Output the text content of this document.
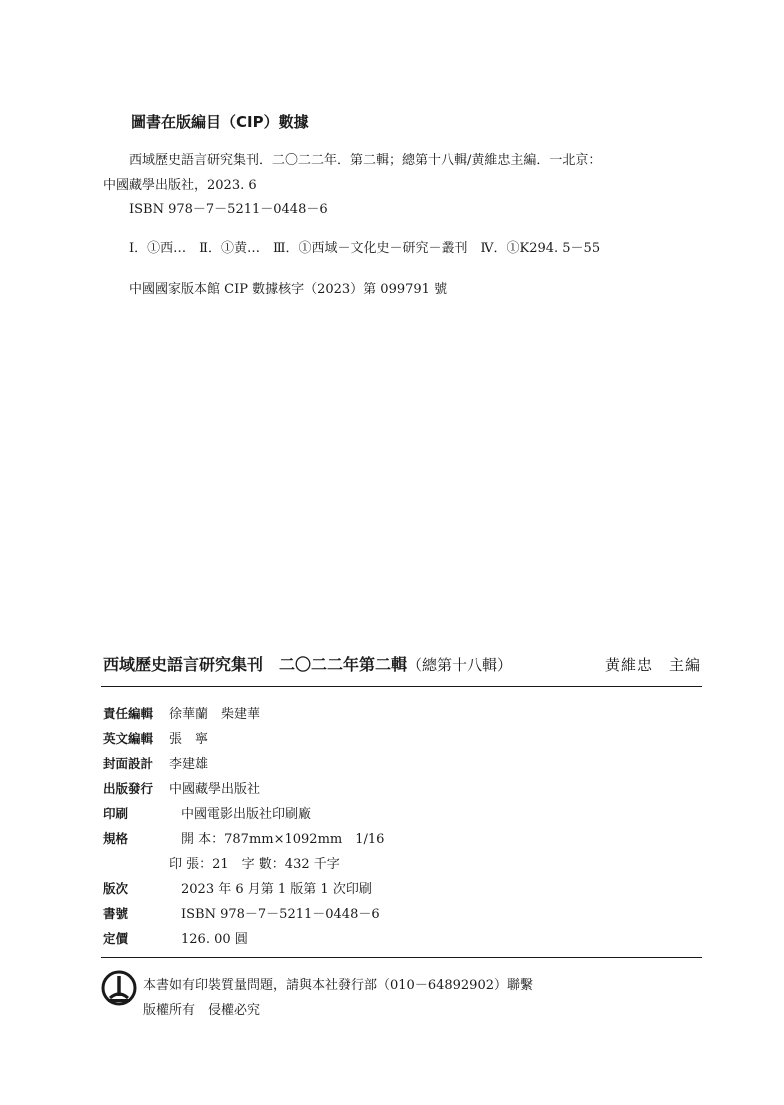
圖書在版編目（CIP）數據
西域歷史語言研究集刊．二〇二二年．第二輯；總第十八輯/黄維忠主編．一北京：
中國藏學出版社，2023. 6
ISBN 978－7－5211－0448－6
Ⅰ．①西…　Ⅱ．①黄…　Ⅲ．①西域－文化史－研究－叢刊　Ⅳ．①K294. 5－55
中國國家版本館 CIP 數據核字（2023）第 099791 號
西域歷史語言研究集刊　二〇二二年第二輯（總第十八輯）	黄維忠　主編
責任編輯 徐華蘭　柴建華
英文編輯 張　寧
封面設計 李建雄
出版發行 中國藏學出版社
印刷	中國電影出版社印刷廠
規格	開 本：787mm×1092mm　1/16
印 張：21　字 數：432 千字
版次	2023 年 6 月第 1 版第 1 次印刷
書號	ISBN 978－7－5211－0448－6
定價	126. 00 圓
本書如有印裝質量問題，請與本社發行部（010－64892902）聯繫
版權所有　侵權必究
